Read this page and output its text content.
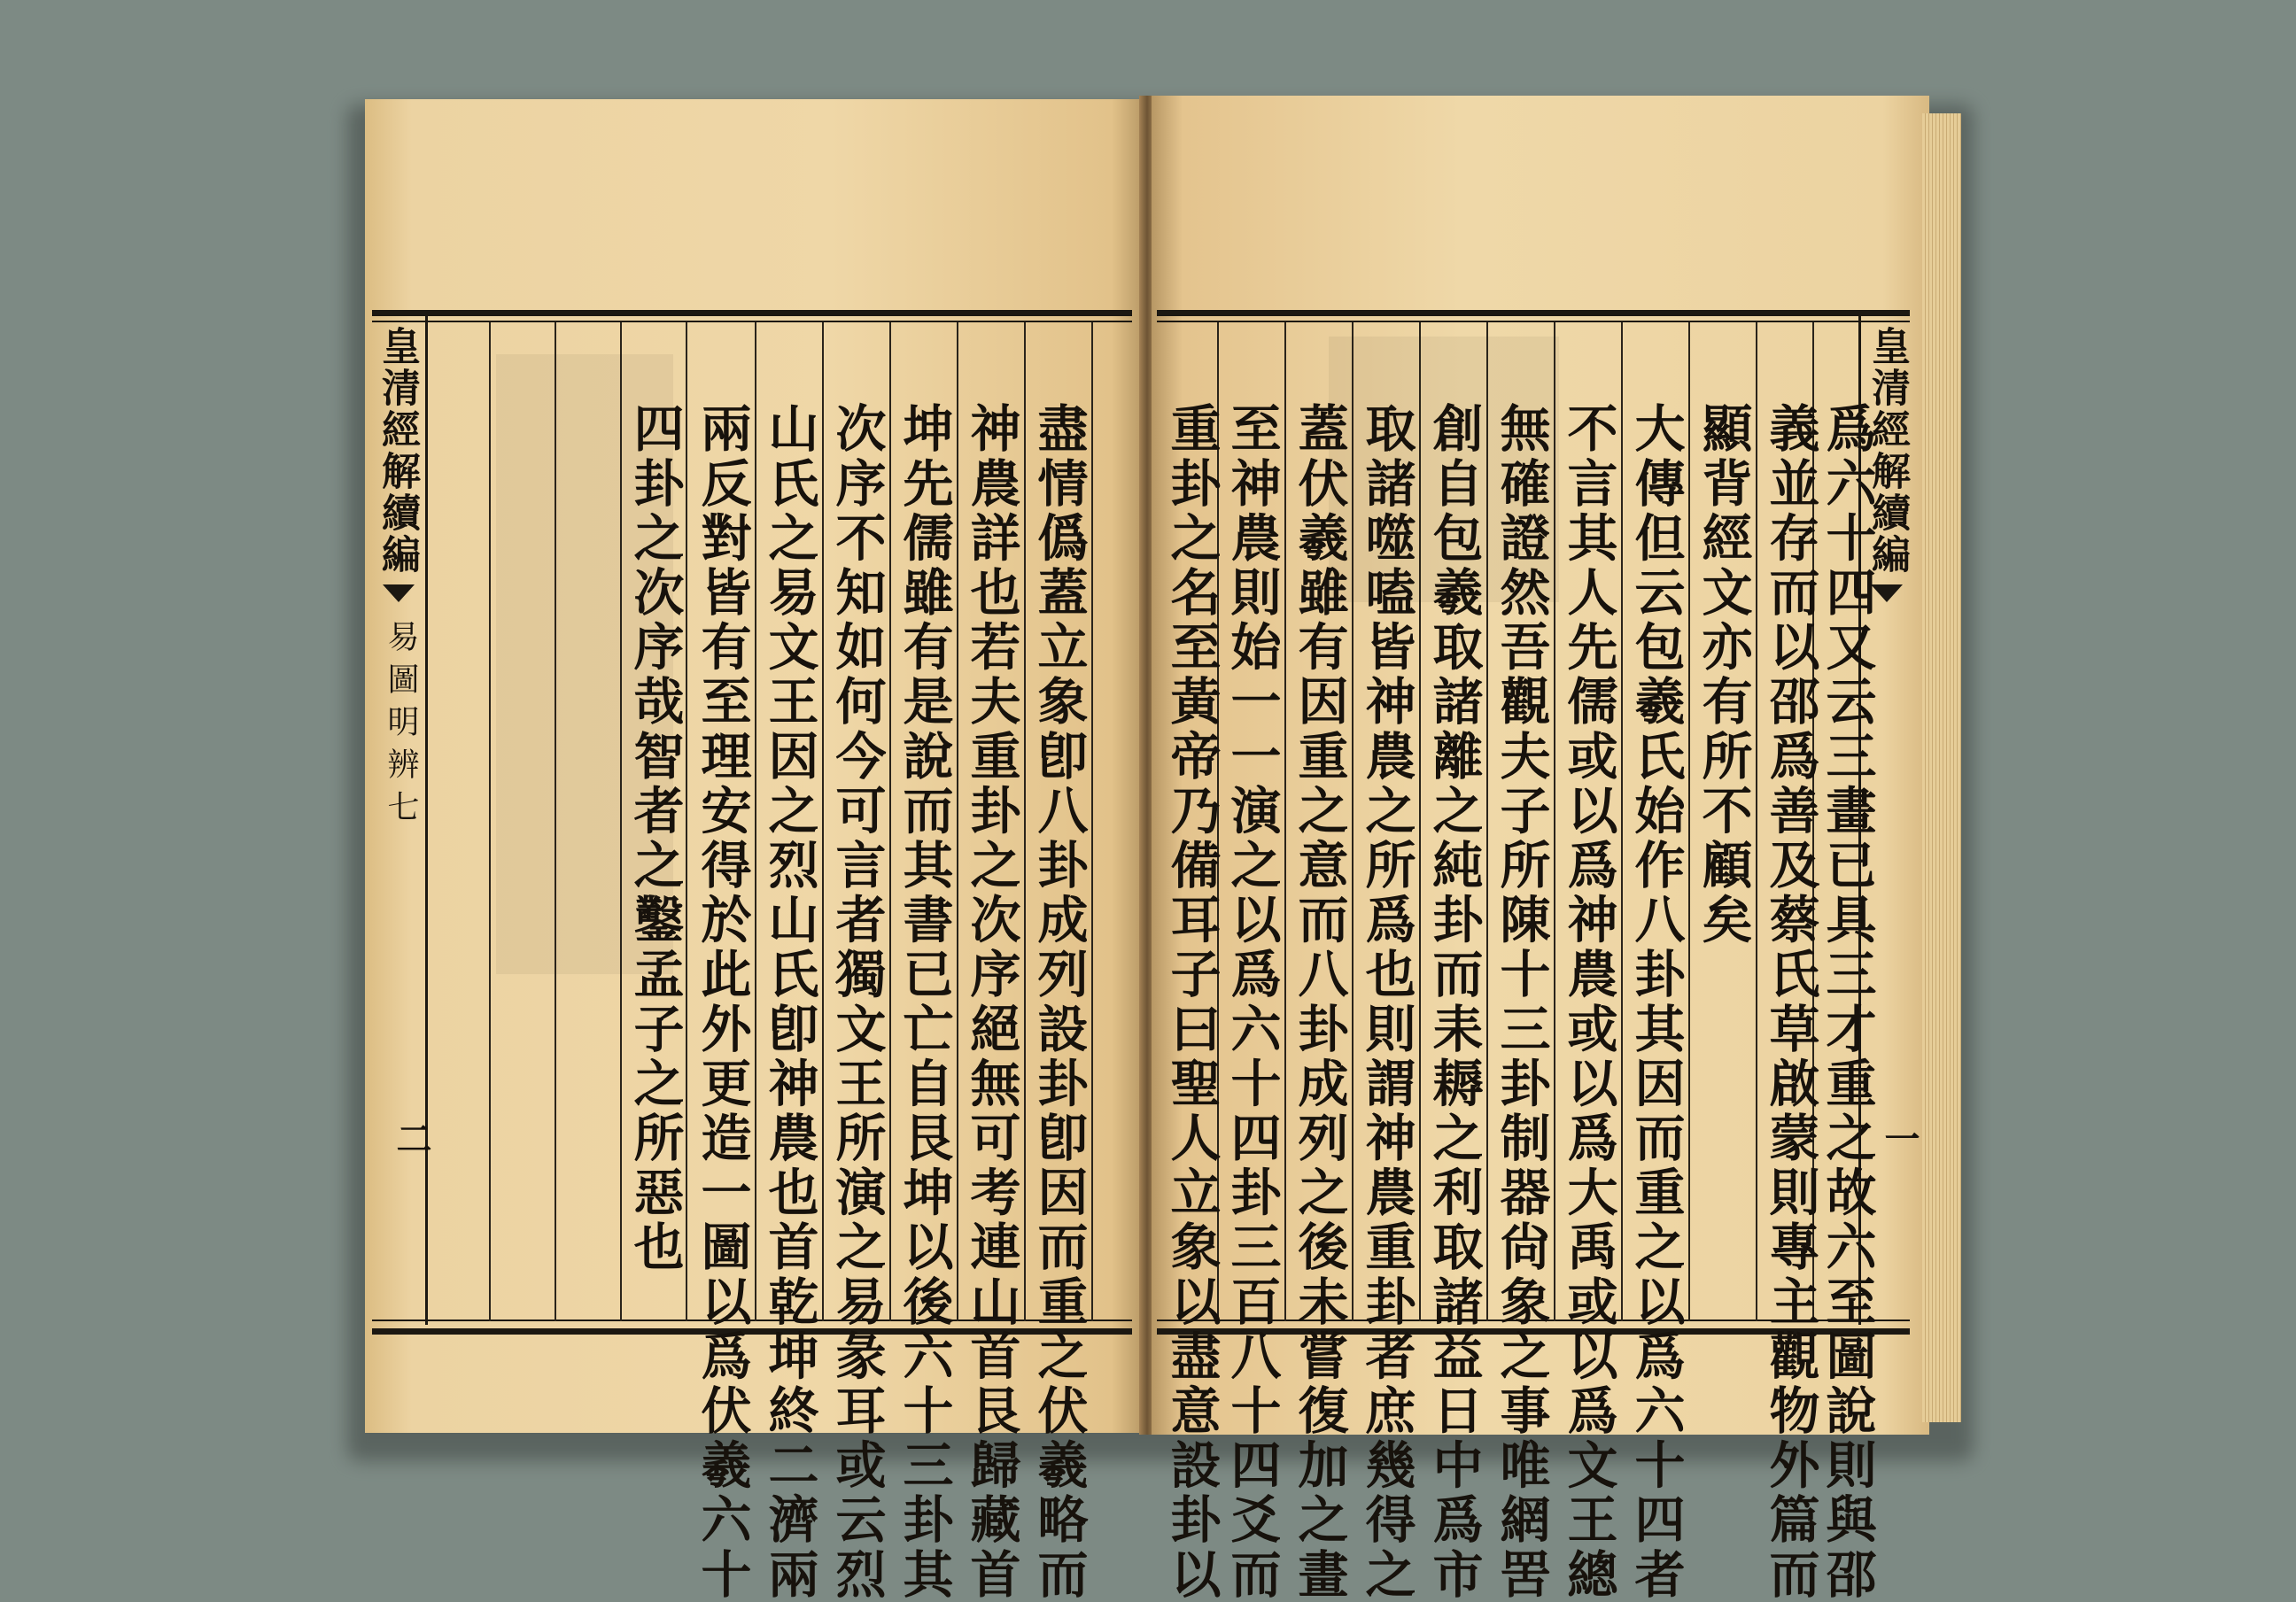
皇清經解續編
易圖明辨七
二	盡情僞蓋立象卽八卦成列設卦卽因而重之伏羲略而
神農詳也若夫重卦之次序絕無可考連山首艮歸藏首
坤先儒雖有是說而其書已亡自艮坤以後六十三卦其
次序不知如何今可言者獨文王所演之易彖耳或云烈
山氏之易文王因之烈山氏卽神農也首乾坤終二濟兩
兩反對皆有至理安得於此外更造一圖以爲伏羲六十
四卦之次序哉智者之鑿孟子之所惡也	皇清經解續編
一
爲六十四又云三畫已具三才重之故六至圖說則與邵
義並存而以邵爲善及蔡氏草啟蒙則專主觀物外篇而
顯背經文亦有所不顧矣
大傳但云包羲氏始作八卦其因而重之以爲六十四者
不言其人先儒或以爲神農或以爲大禹或以爲文王總
無確證然吾觀夫子所陳十三卦制器尙象之事唯網罟
創自包羲取諸離之純卦而耒耨之利取諸益日中爲市
取諸噬嗑皆神農之所爲也則謂神農重卦者庶幾得之
蓋伏羲雖有因重之意而八卦成列之後未嘗復加之畫
至神農則始一一演之以爲六十四卦三百八十四爻而
重卦之名至黃帝乃備耳子曰聖人立象以盡意設卦以
